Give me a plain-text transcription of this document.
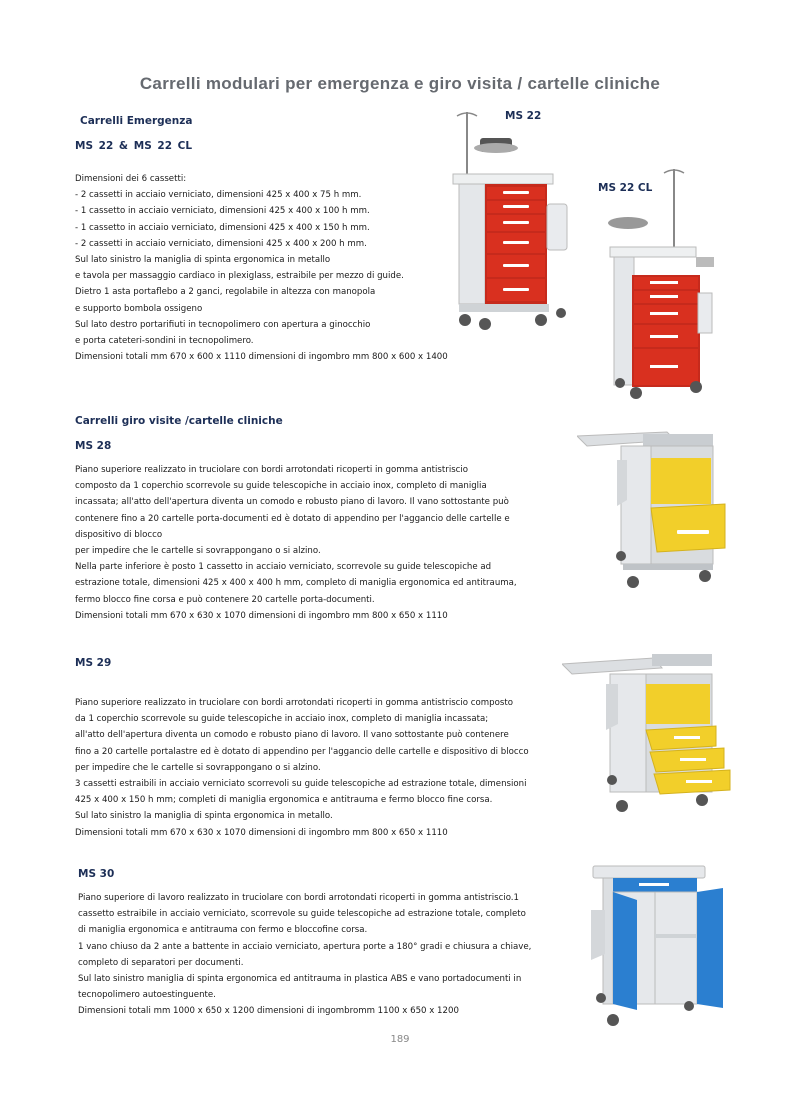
Carrelli modulari per emergenza e giro visita / cartelle cliniche
Carrelli Emergenza
MS 22 & MS 22 CL
Dimensioni dei 6 cassetti:
- 2 cassetti in acciaio verniciato, dimensioni 425 x 400 x 75 h mm.
- 1 cassetto in acciaio verniciato, dimensioni 425 x 400 x 100 h mm.
- 1 cassetto in acciaio verniciato, dimensioni 425 x 400 x 150 h mm.
- 2 cassetti in acciaio verniciato, dimensioni 425 x 400 x 200 h mm.
Sul lato sinistro la maniglia di spinta ergonomica in metallo
e tavola per massaggio cardiaco in plexiglass, estraibile per mezzo di guide.
Dietro 1 asta portaflebo a 2 ganci, regolabile in altezza con manopola
e supporto bombola ossigeno
Sul lato destro portarifiuti in tecnopolimero con apertura a ginocchio
e porta cateteri-sondini in tecnopolimero.
Dimensioni totali mm 670 x 600 x 1110 dimensioni di ingombro mm 800 x 600 x 1400
MS 22
MS 22 CL
Carrelli giro visite /cartelle cliniche
MS 28
Piano superiore realizzato in truciolare con bordi arrotondati ricoperti in gomma antistriscio
composto da 1 coperchio scorrevole su guide telescopiche in acciaio inox, completo di maniglia
incassata; all'atto dell'apertura diventa un comodo e robusto piano di lavoro. Il vano sottostante può
contenere fino a 20 cartelle porta-documenti ed è dotato di appendino per l'aggancio delle cartelle e
dispositivo di blocco
per impedire che le cartelle si sovrappongano o si alzino.
Nella parte inferiore è posto 1 cassetto in acciaio verniciato, scorrevole su guide telescopiche ad
estrazione totale, dimensioni 425 x 400 x 400 h mm, completo di maniglia ergonomica ed antitrauma,
fermo blocco fine corsa e può contenere 20 cartelle porta-documenti.
Dimensioni totali mm 670 x 630 x 1070 dimensioni di ingombro mm 800 x 650 x 1110
MS 29
Piano superiore realizzato in truciolare con bordi arrotondati ricoperti in gomma antistriscio composto
da 1 coperchio scorrevole su guide telescopiche in acciaio inox, completo di maniglia incassata;
all'atto dell'apertura diventa un comodo e robusto piano di lavoro. Il vano sottostante può contenere
fino a 20 cartelle portalastre ed è dotato di appendino per l'aggancio delle cartelle e dispositivo di blocco
per impedire che le cartelle si sovrappongano o si alzino.
3 cassetti estraibili in acciaio verniciato scorrevoli su guide telescopiche ad estrazione totale, dimensioni
425 x 400 x 150 h mm; completi di maniglia ergonomica e antitrauma e fermo blocco fine corsa.
Sul lato sinistro la maniglia di spinta ergonomica in metallo.
Dimensioni totali mm 670 x 630 x 1070 dimensioni di ingombro mm 800 x 650 x 1110
MS 30
Piano superiore di lavoro realizzato in truciolare con bordi arrotondati ricoperti in gomma antistriscio.1
cassetto estraibile in acciaio verniciato, scorrevole su guide telescopiche ad estrazione totale, completo
di maniglia ergonomica e antitrauma con fermo e bloccofine corsa.
1 vano chiuso da 2 ante a battente in acciaio verniciato, apertura porte a 180° gradi e chiusura a chiave,
completo di separatori per documenti.
Sul lato sinistro maniglia di spinta ergonomica ed antitrauma in plastica ABS e vano portadocumenti in
tecnopolimero autoestinguente.
Dimensioni totali mm 1000 x 650 x 1200 dimensioni di ingombromm 1100 x 650 x 1200
189
